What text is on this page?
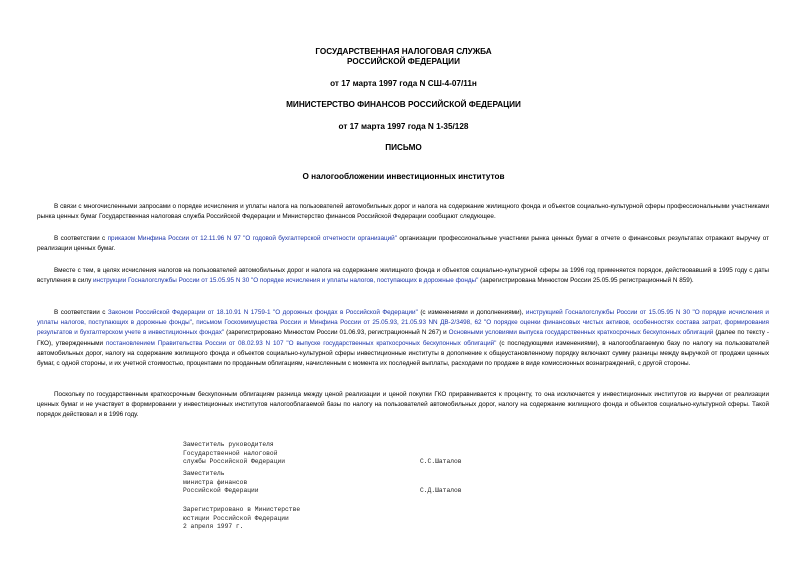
ГОСУДАРСТВЕННАЯ НАЛОГОВАЯ СЛУЖБА
РОССИЙСКОЙ ФЕДЕРАЦИИ
от 17 марта 1997 года N СШ-4-07/11н
МИНИСТЕРСТВО ФИНАНСОВ РОССИЙСКОЙ ФЕДЕРАЦИИ
от 17 марта 1997 года N 1-35/128
ПИСЬМО
О налогообложении инвестиционных институтов
В связи с многочисленными запросами о порядке исчисления и уплаты налога на пользователей автомобильных дорог и налога на содержание жилищного фонда и объектов социально-культурной сферы профессиональными участниками рынка ценных бумаг Государственная налоговая служба Российской Федерации и Министерство финансов Российской Федерации сообщают следующее.
В соответствии с приказом Минфина России от 12.11.96 N 97 "О годовой бухгалтерской отчетности организаций" организации профессиональные участники рынка ценных бумаг в отчете о финансовых результатах отражают выручку от реализации ценных бумаг.
Вместе с тем, в целях исчисления налогов на пользователей автомобильных дорог и налога на содержание жилищного фонда и объектов социально-культурной сферы за 1996 год применяется порядок, действовавший в 1995 году с даты вступления в силу инструкции Госналогслужбы России от 15.05.95 N 30 "О порядке исчисления и уплаты налогов, поступающих в дорожные фонды" (зарегистрирована Минюстом России 25.05.95 регистрационный N 859).
В соответствии с Законом Российской Федерации от 18.10.91 N 1759-1 "О дорожных фондах в Российской Федерации" (с изменениями и дополнениями), инструкцией Госналогслужбы России от 15.05.95 N 30 "О порядке исчисления и уплаты налогов, поступающих в дорожные фонды", письмом Госкомимущества России и Минфина России от 25.05.93, 21.05.93 NN ДВ-2/3498, 62 "О порядке оценки финансовых чистых активов, особенностях состава затрат, формирования результатов и бухгалтерском учете в инвестиционных фондах" (зарегистрировано Минюстом России 01.06.93, регистрационный N 267) и Основными условиями выпуска государственных краткосрочных бескупонных облигаций (далее по тексту - ГКО), утвержденными постановлением Правительства России от 08.02.93 N 107 "О выпуске государственных краткосрочных бескупонных облигаций" (с последующими изменениями), в налогооблагаемую базу по налогу на пользователей автомобильных дорог, налогу на содержание жилищного фонда и объектов социально-культурной сферы инвестиционные институты в дополнение к общеустановленному порядку включают сумму разницы между выручкой от продажи ценных бумаг, с одной стороны, и их учетной стоимостью, процентами по проданным облигациям, начисленным с момента их последней выплаты, расходами по продаже в виде комиссионных вознаграждений, с другой стороны.
Поскольку по государственным краткосрочным бескупонным облигациям разница между ценой реализации и ценой покупки ГКО приравнивается к проценту, то она исключается у инвестиционных институтов из выручки от реализации ценных бумаг и не участвует в формировании у инвестиционных институтов налогооблагаемой базы по налогу на пользователей автомобильных дорог, налогу на содержание жилищного фонда и объектов социально-культурной сферы. Такой порядок действовал и в 1996 году.
Заместитель руководителя
Государственной налоговой
службы Российской Федерации	С.С.Шаталов
Заместитель
министра финансов
Российской Федерации	С.Д.Шаталов
Зарегистрировано в Министерстве
юстиции Российской Федерации
2 апреля 1997 г.
